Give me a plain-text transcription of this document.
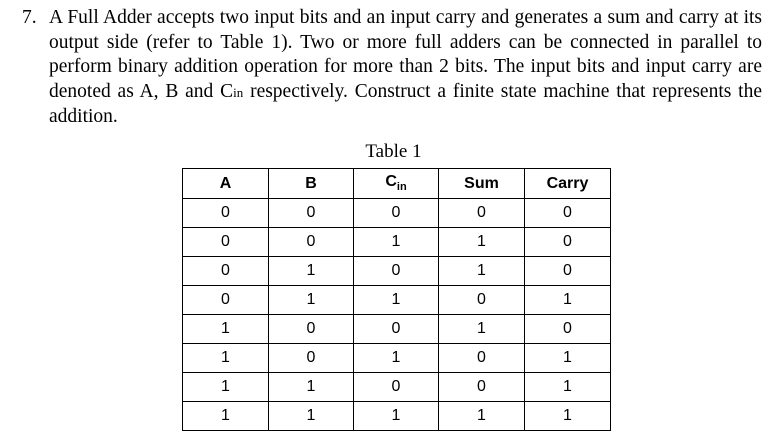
7. A Full Adder accepts two input bits and an input carry and generates a sum and carry at its output side (refer to Table 1). Two or more full adders can be connected in parallel to perform binary addition operation for more than 2 bits. The input bits and input carry are denoted as A, B and Cin respectively. Construct a finite state machine that represents the addition.
Table 1
A	B	$C_{in}$	Sum	Carry
0	0	0	0	0
0	0	1	1	0
0	1	0	1	0
0	1	1	0	1
1	0	0	1	0
1	0	1	0	1
1	1	0	0	1
1	1	1	1	1
